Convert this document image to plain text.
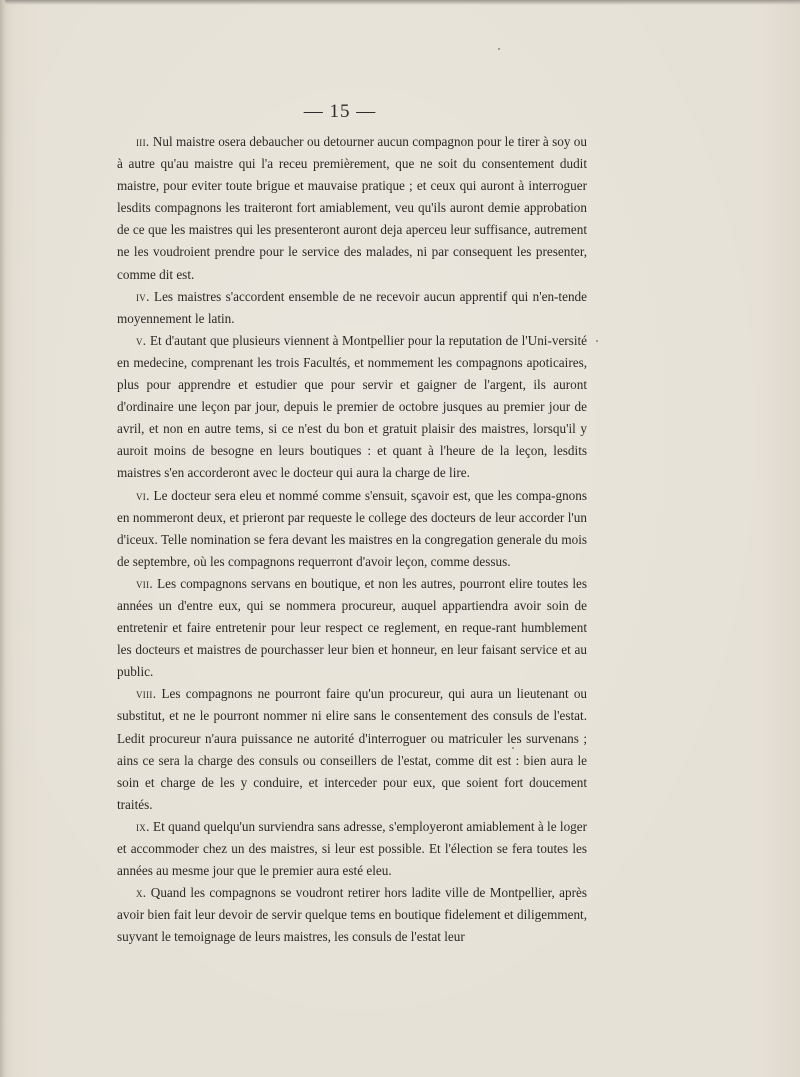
— 15 —

iii. Nul maistre osera debaucher ou detourner aucun compagnon pour le tirer à soy ou à autre qu'au maistre qui l'a receu premièrement, que ne soit du consentement dudit maistre, pour eviter toute brigue et mauvaise pratique ; et ceux qui auront à interroguer lesdits compagnons les traiteront fort amiablement, veu qu'ils auront demie approbation de ce que les maistres qui les presenteront auront deja aperceu leur suffisance, autrement ne les voudroient prendre pour le service des malades, ni par consequent les presenter, comme dit est.

iv. Les maistres s'accordent ensemble de ne recevoir aucun apprentif qui n'en-tende moyennement le latin.

v. Et d'autant que plusieurs viennent à Montpellier pour la reputation de l'Uni-versité en medecine, comprenant les trois Facultés, et nommement les compagnons apoticaires, plus pour apprendre et estudier que pour servir et gaigner de l'argent, ils auront d'ordinaire une leçon par jour, depuis le premier de octobre jusques au premier jour de avril, et non en autre tems, si ce n'est du bon et gratuit plaisir des maistres, lorsqu'il y auroit moins de besogne en leurs boutiques : et quant à l'heure de la leçon, lesdits maistres s'en accorderont avec le docteur qui aura la charge de lire.

vi. Le docteur sera eleu et nommé comme s'ensuit, sçavoir est, que les compa-gnons en nommeront deux, et prieront par requeste le college des docteurs de leur accorder l'un d'iceux. Telle nomination se fera devant les maistres en la congregation generale du mois de septembre, où les compagnons requerront d'avoir leçon, comme dessus.

vii. Les compagnons servans en boutique, et non les autres, pourront elire toutes les années un d'entre eux, qui se nommera procureur, auquel appartiendra avoir soin de entretenir et faire entretenir pour leur respect ce reglement, en reque-rant humblement les docteurs et maistres de pourchasser leur bien et honneur, en leur faisant service et au public.

viii. Les compagnons ne pourront faire qu'un procureur, qui aura un lieutenant ou substitut, et ne le pourront nommer ni elire sans le consentement des consuls de l'estat. Ledit procureur n'aura puissance ne autorité d'interroguer ou matriculer les survenans ; ains ce sera la charge des consuls ou conseillers de l'estat, comme dit est : bien aura le soin et charge de les y conduire, et interceder pour eux, que soient fort doucement traités.

ix. Et quand quelqu'un surviendra sans adresse, s'employeront amiablement à le loger et accommoder chez un des maistres, si leur est possible. Et l'élection se fera toutes les années au mesme jour que le premier aura esté eleu.

x. Quand les compagnons se voudront retirer hors ladite ville de Montpellier, après avoir bien fait leur devoir de servir quelque tems en boutique fidelement et diligemment, suyvant le temoignage de leurs maistres, les consuls de l'estat leur
